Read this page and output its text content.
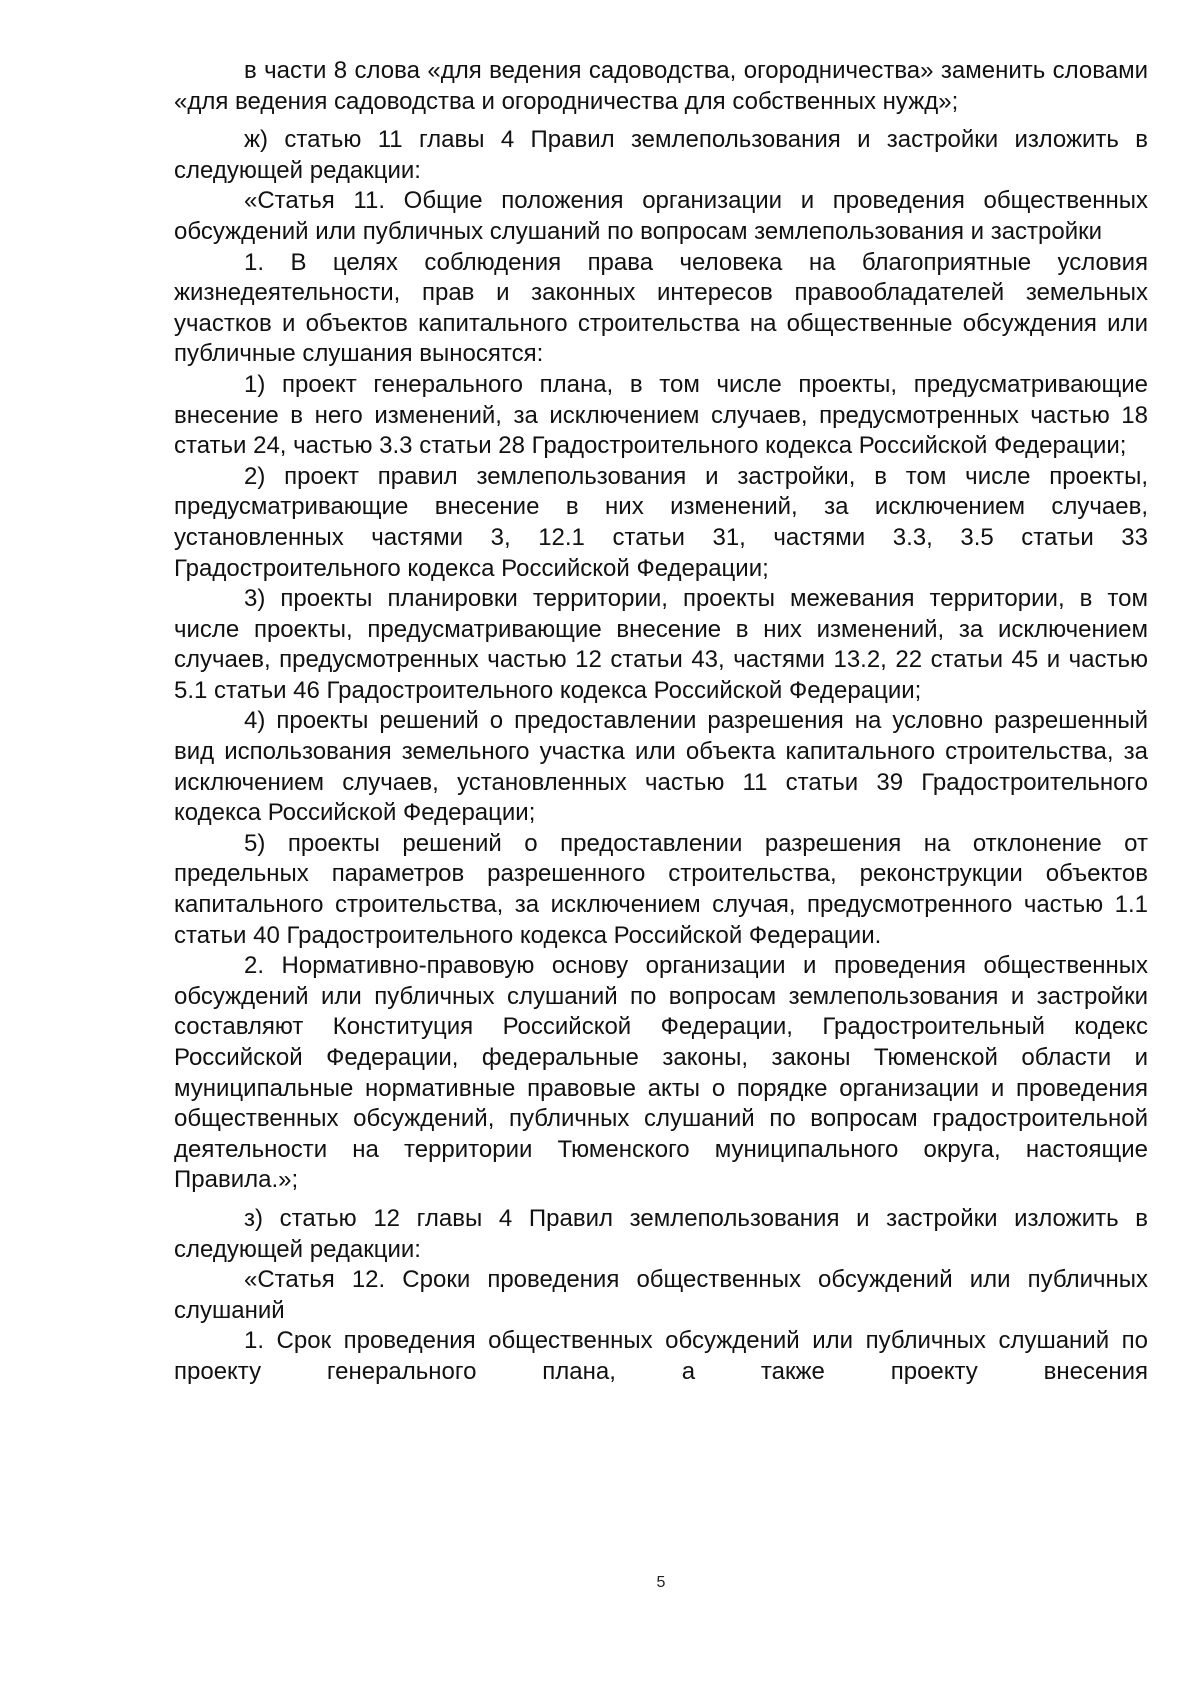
в части 8 слова «для ведения садоводства, огородничества» заменить словами «для ведения садоводства и огородничества для собственных нужд»;

ж) статью 11 главы 4 Правил землепользования и застройки изложить в следующей редакции:

«Статья 11. Общие положения организации и проведения общественных обсуждений или публичных слушаний по вопросам землепользования и застройки

1. В целях соблюдения права человека на благоприятные условия жизнедеятельности, прав и законных интересов правообладателей земельных участков и объектов капитального строительства на общественные обсуждения или публичные слушания выносятся:

1) проект генерального плана, в том числе проекты, предусматривающие внесение в него изменений, за исключением случаев, предусмотренных частью 18 статьи 24, частью 3.3 статьи 28 Градостроительного кодекса Российской Федерации;

2) проект правил землепользования и застройки, в том числе проекты, предусматривающие внесение в них изменений, за исключением случаев, установленных частями 3, 12.1 статьи 31, частями 3.3, 3.5 статьи 33 Градостроительного кодекса Российской Федерации;

3) проекты планировки территории, проекты межевания территории, в том числе проекты, предусматривающие внесение в них изменений, за исключением случаев, предусмотренных частью 12 статьи 43, частями 13.2, 22 статьи 45 и частью 5.1 статьи 46 Градостроительного кодекса Российской Федерации;

4) проекты решений о предоставлении разрешения на условно разрешенный вид использования земельного участка или объекта капитального строительства, за исключением случаев, установленных частью 11 статьи 39 Градостроительного кодекса Российской Федерации;

5) проекты решений о предоставлении разрешения на отклонение от предельных параметров разрешенного строительства, реконструкции объектов капитального строительства, за исключением случая, предусмотренного частью 1.1 статьи 40 Градостроительного кодекса Российской Федерации.

2. Нормативно-правовую основу организации и проведения общественных обсуждений или публичных слушаний по вопросам землепользования и застройки составляют Конституция Российской Федерации, Градостроительный кодекс Российской Федерации, федеральные законы, законы Тюменской области и муниципальные нормативные правовые акты о порядке организации и проведения общественных обсуждений, публичных слушаний по вопросам градостроительной деятельности на территории Тюменского муниципального округа, настоящие Правила.»;

з) статью 12 главы 4 Правил землепользования и застройки изложить в следующей редакции:

«Статья 12. Сроки проведения общественных обсуждений или публичных слушаний

1. Срок проведения общественных обсуждений или публичных слушаний по проекту генерального плана, а также проекту внесения

5
